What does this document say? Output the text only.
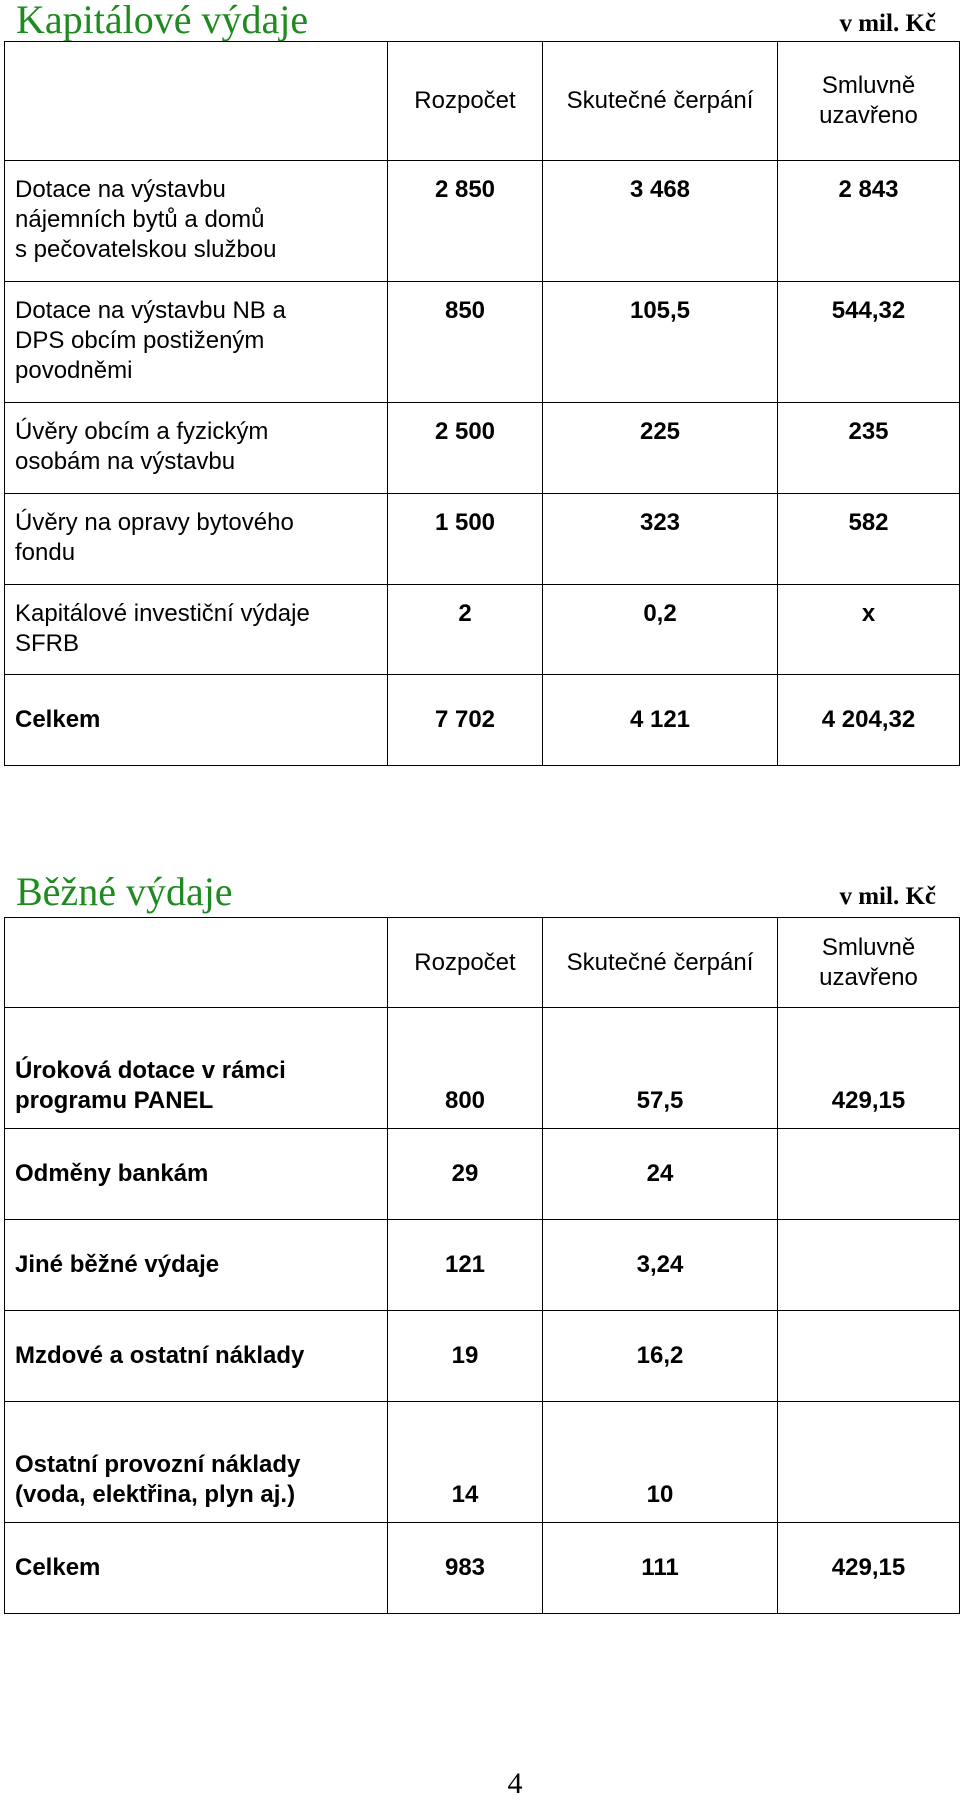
Kapitálové výdaje	v mil. Kč
	Rozpočet	Skutečné čerpání	Smluvně
uzavřeno
Dotace na výstavbu
nájemních bytů a domů
s pečovatelskou službou	2 850	3 468	2 843
Dotace na výstavbu NB a
DPS obcím postiženým
povodněmi	850	105,5	544,32
Úvěry obcím a fyzickým
osobám na výstavbu	2 500	225	235
Úvěry na opravy bytového
fondu	1 500	323	582
Kapitálové investiční výdaje
SFRB	2	0,2	x
Celkem	7 702	4 121	4 204,32
Běžné výdaje	v mil. Kč
	Rozpočet	Skutečné čerpání	Smluvně
uzavřeno
Úroková dotace v rámci
programu PANEL	800	57,5	429,15
Odměny bankám	29	24	
Jiné běžné výdaje	121	3,24	
Mzdové a ostatní náklady	19	16,2	
Ostatní provozní náklady
(voda, elektřina, plyn aj.)	14	10	
Celkem	983	111	429,15
4
